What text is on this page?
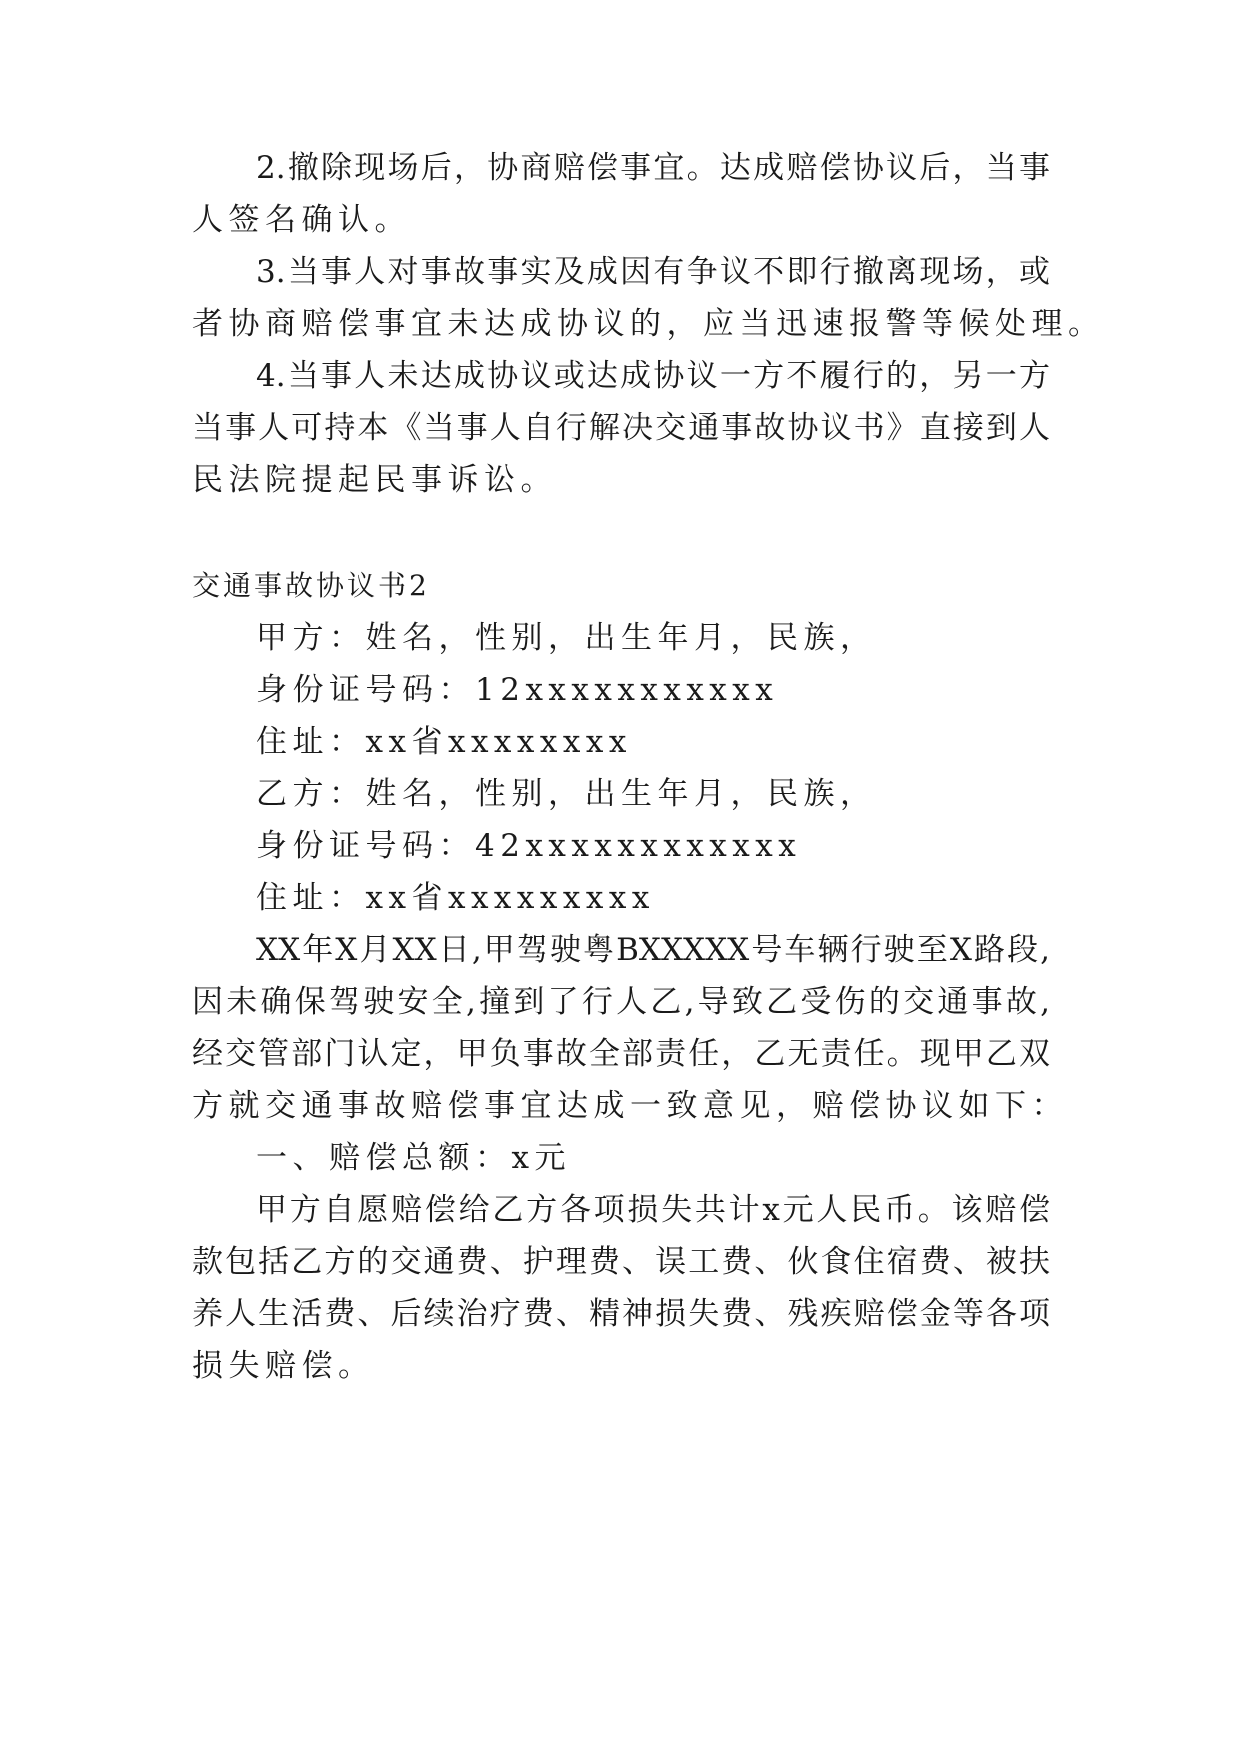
2.撤除现场后，协商赔偿事宜。达成赔偿协议后，当事
人签名确认。
3.当事人对事故事实及成因有争议不即行撤离现场，或
者协商赔偿事宜未达成协议的，应当迅速报警等候处理。
4.当事人未达成协议或达成协议一方不履行的，另一方
当事人可持本《当事人自行解决交通事故协议书》直接到人
民法院提起民事诉讼。
交通事故协议书2
甲方：姓名，性别，出生年月，民族，
身份证号码：12xxxxxxxxxxx
住址：xx省xxxxxxxx
乙方：姓名，性别，出生年月，民族，
身份证号码：42xxxxxxxxxxxx
住址：xx省xxxxxxxxx
XX年X月XX日,甲驾驶粤BXXXXX号车辆行驶至X路段,
因未确保驾驶安全,撞到了行人乙,导致乙受伤的交通事故,
经交管部门认定，甲负事故全部责任，乙无责任。现甲乙双
方就交通事故赔偿事宜达成一致意见，赔偿协议如下：
一、赔偿总额：x元
甲方自愿赔偿给乙方各项损失共计x元人民币。该赔偿
款包括乙方的交通费、护理费、误工费、伙食住宿费、被扶
养人生活费、后续治疗费、精神损失费、残疾赔偿金等各项
损失赔偿。
